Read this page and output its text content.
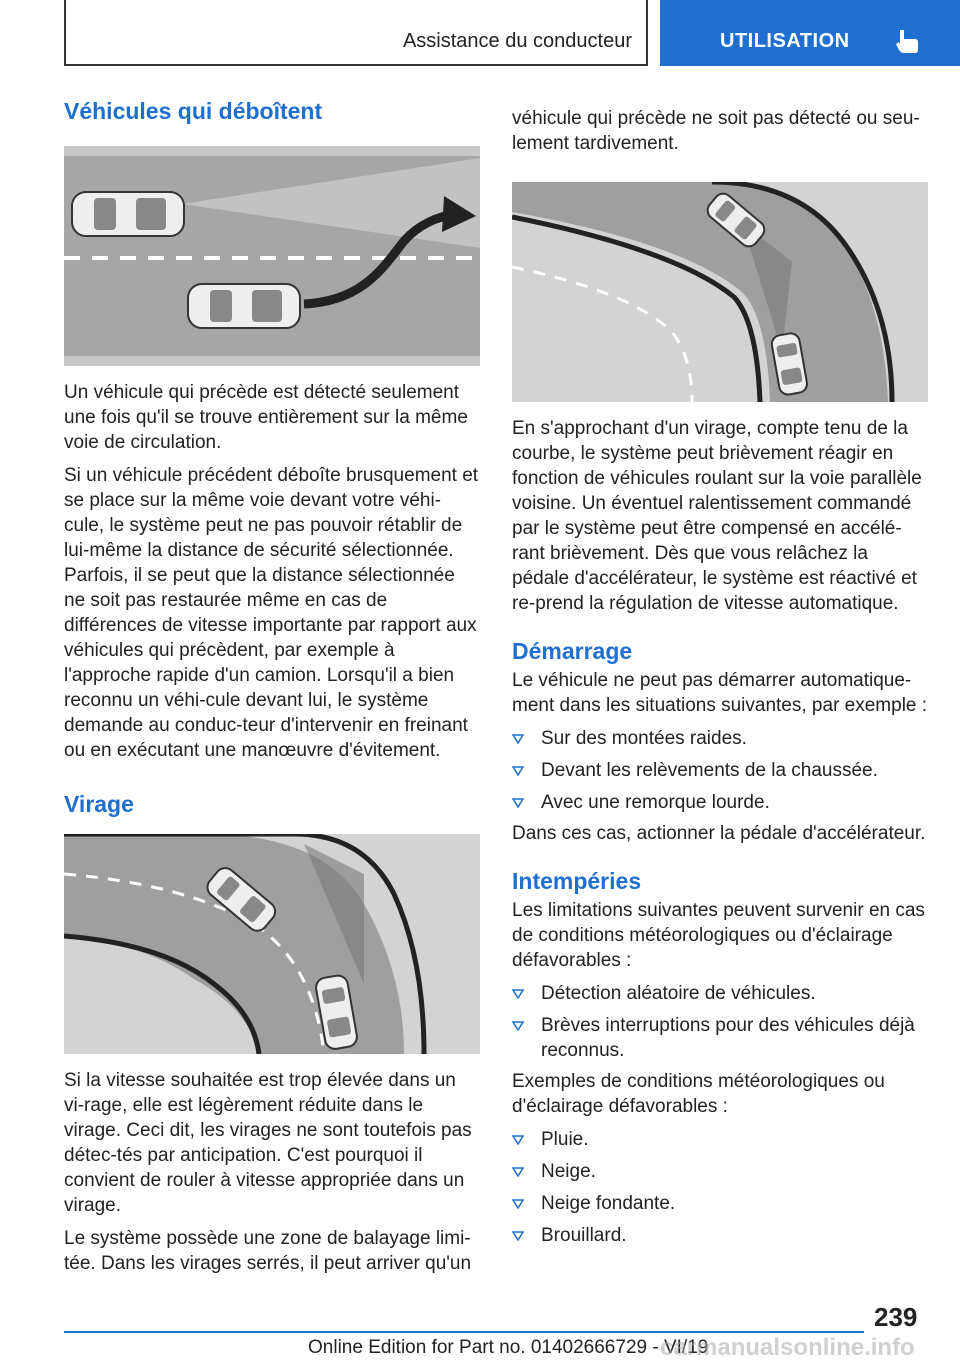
Assistance du conducteur	UTILISATION
Véhicules qui déboîtent

Un véhicule qui précède est détecté seulement une fois qu'il se trouve entièrement sur la même voie de circulation.

Si un véhicule précédent déboîte brusquement et se place sur la même voie devant votre véhi-cule, le système peut ne pas pouvoir rétablir de lui-même la distance de sécurité sélectionnée. Parfois, il se peut que la distance sélectionnée ne soit pas restaurée même en cas de différences de vitesse importante par rapport aux véhicules qui précèdent, par exemple à l'approche rapide d'un camion. Lorsqu'il a bien reconnu un véhi-cule devant lui, le système demande au conduc-teur d'intervenir en freinant ou en exécutant une manœuvre d'évitement.

Virage

Si la vitesse souhaitée est trop élevée dans un vi-rage, elle est légèrement réduite dans le virage. Ceci dit, les virages ne sont toutefois pas détec-tés par anticipation. C'est pourquoi il convient de rouler à vitesse appropriée dans un virage.

Le système possède une zone de balayage limi-tée. Dans les virages serrés, il peut arriver qu'un

véhicule qui précède ne soit pas détecté ou seu-lement tardivement.

En s'approchant d'un virage, compte tenu de la courbe, le système peut brièvement réagir en fonction de véhicules roulant sur la voie parallèle voisine. Un éventuel ralentissement commandé par le système peut être compensé en accélé-rant brièvement. Dès que vous relâchez la pédale d'accélérateur, le système est réactivé et re-prend la régulation de vitesse automatique.

Démarrage

Le véhicule ne peut pas démarrer automatique-ment dans les situations suivantes, par exemple :

Sur des montées raides.
Devant les relèvements de la chaussée.
Avec une remorque lourde.

Dans ces cas, actionner la pédale d'accélérateur.

Intempéries

Les limitations suivantes peuvent survenir en cas de conditions météorologiques ou d'éclairage défavorables :

Détection aléatoire de véhicules.
Brèves interruptions pour des véhicules déjà reconnus.

Exemples de conditions météorologiques ou d'éclairage défavorables :

Pluie.
Neige.
Neige fondante.
Brouillard.
239
Online Edition for Part no. 01402666729 - VI/19
carmanualsonline.info
